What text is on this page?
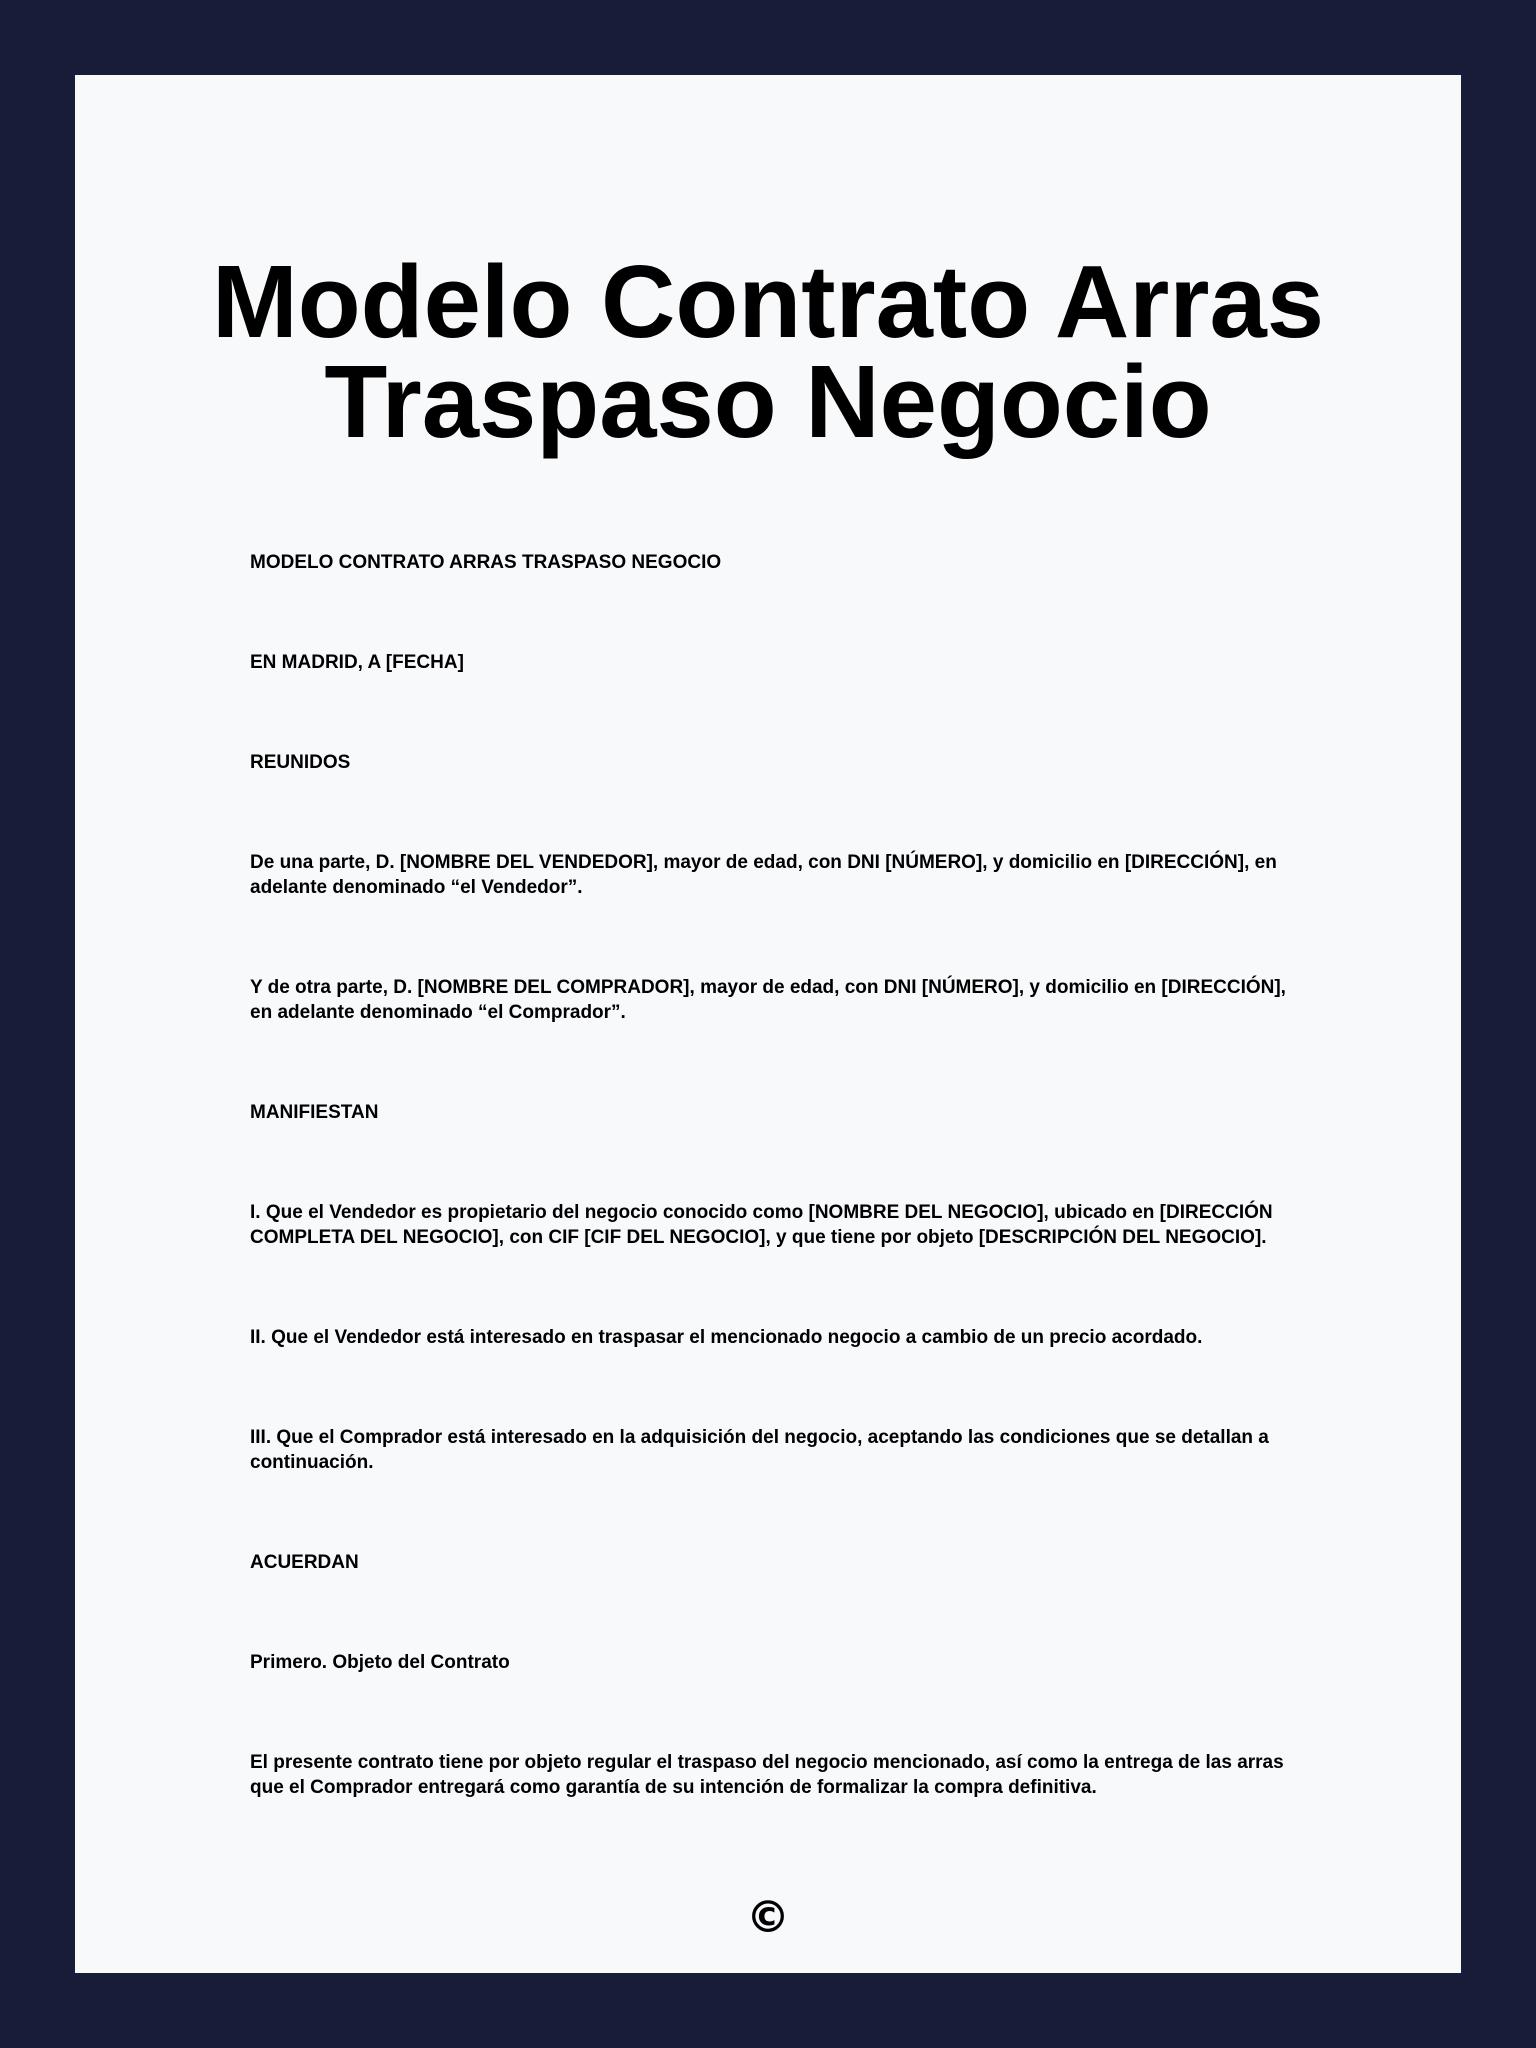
Modelo Contrato Arras
Traspaso Negocio

MODELO CONTRATO ARRAS TRASPASO NEGOCIO

EN MADRID, A [FECHA]

REUNIDOS

De una parte, D. [NOMBRE DEL VENDEDOR], mayor de edad, con DNI [NÚMERO], y domicilio en [DIRECCIÓN], en adelante denominado “el Vendedor”.

Y de otra parte, D. [NOMBRE DEL COMPRADOR], mayor de edad, con DNI [NÚMERO], y domicilio en [DIRECCIÓN], en adelante denominado “el Comprador”.

MANIFIESTAN

I. Que el Vendedor es propietario del negocio conocido como [NOMBRE DEL NEGOCIO], ubicado en [DIRECCIÓN COMPLETA DEL NEGOCIO], con CIF [CIF DEL NEGOCIO], y que tiene por objeto [DESCRIPCIÓN DEL NEGOCIO].

II. Que el Vendedor está interesado en traspasar el mencionado negocio a cambio de un precio acordado.

III. Que el Comprador está interesado en la adquisición del negocio, aceptando las condiciones que se detallan a continuación.

ACUERDAN

Primero. Objeto del Contrato

El presente contrato tiene por objeto regular el traspaso del negocio mencionado, así como la entrega de las arras que el Comprador entregará como garantía de su intención de formalizar la compra definitiva.

©
